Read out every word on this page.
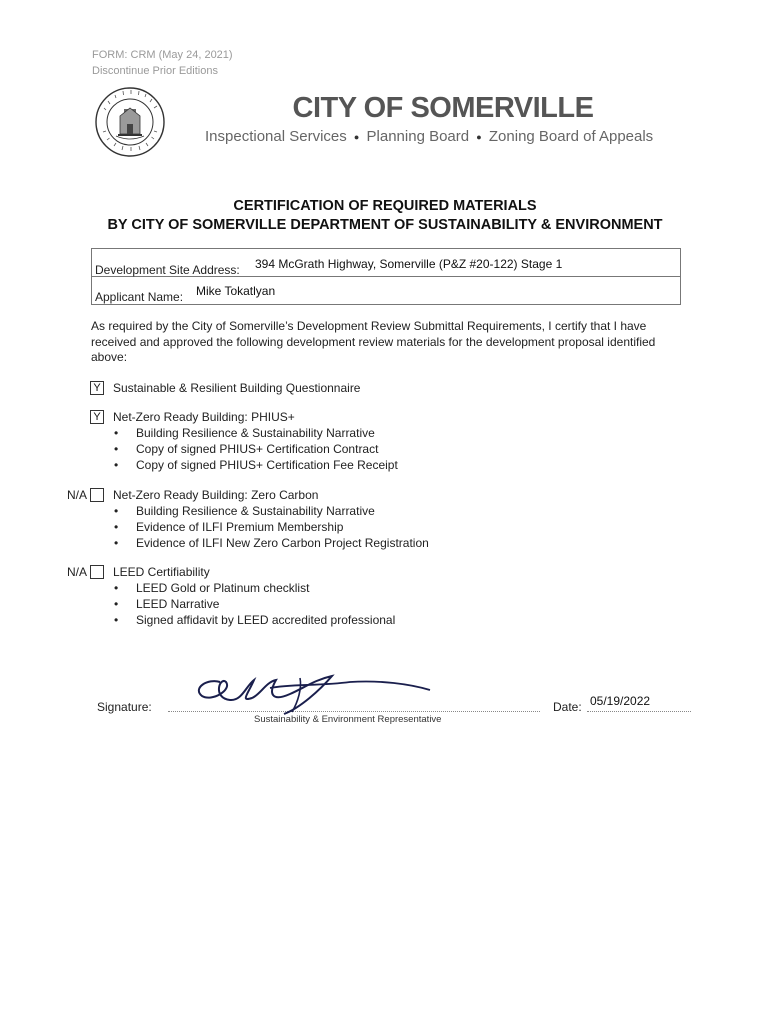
FORM: CRM (May 24, 2021)
Discontinue Prior Editions
CITY OF SOMERVILLE
Inspectional Services ● Planning Board ● Zoning Board of Appeals
CERTIFICATION OF REQUIRED MATERIALS
BY CITY OF SOMERVILLE DEPARTMENT OF SUSTAINABILITY & ENVIRONMENT
Development Site Address: 394 McGrath Highway, Somerville (P&Z #20-122) Stage 1
Applicant Name: Mike Tokatlyan
As required by the City of Somerville’s Development Review Submittal Requirements, I certify that I have received and approved the following development review materials for the development proposal identified above:
Y Sustainable & Resilient Building Questionnaire
Y Net-Zero Ready Building: PHIUS+
• Building Resilience & Sustainability Narrative
• Copy of signed PHIUS+ Certification Contract
• Copy of signed PHIUS+ Certification Fee Receipt
N/A Net-Zero Ready Building: Zero Carbon
• Building Resilience & Sustainability Narrative
• Evidence of ILFI Premium Membership
• Evidence of ILFI New Zero Carbon Project Registration
N/A LEED Certifiability
• LEED Gold or Platinum checklist
• LEED Narrative
• Signed affidavit by LEED accredited professional
Signature:
Sustainability & Environment Representative
Date: 05/19/2022
